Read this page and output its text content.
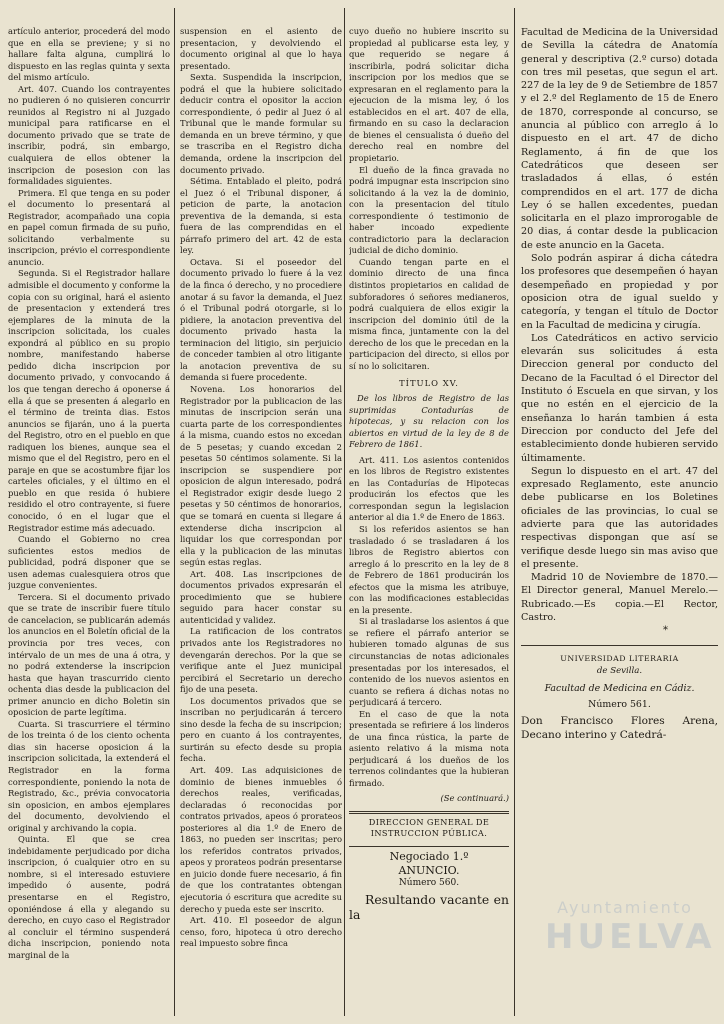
artículo anterior, procederá del modo que en ella se previene; y si no hallare falta alguna, cumplirá lo dispuesto en las reglas quinta y sexta del mismo artículo.

Art. 407. Cuando los contrayentes no pudieren ó no quisieren concurrir reunidos al Registro ni al Juzgado municipal para ratificarse en el documento privado que se trate de inscribir, podrá, sin embargo, cualquiera de ellos obtener la inscripcion de posesion con las formalidades siguientes.

Primera. El que tenga en su poder el documento lo presentará al Registrador, acompañado una copia en papel comun firmada de su puño, solicitando verbalmente su inscripcion, prévio el correspondiente anuncio.

Segunda. Si el Registrador hallare admisible el documento y conforme la copia con su original, hará el asiento de presentacion y extenderá tres ejemplares de la minuta de la inscripcion solicitada, los cuales expondrá al público en su propio nombre, manifestando haberse pedido dicha inscripcion por documento privado, y convocando á los que tengan derecho á oponerse á ella á que se presenten á alegarlo en el término de treinta dias. Estos anuncios se fijarán, uno á la puerta del Registro, otro en el pueblo en que radiquen los bienes, aunque sea el mismo que el del Registro, pero en el paraje en que se acostumbre fijar los carteles oficiales, y el último en el pueblo en que resida ó hubiere residido el otro contrayente, si fuere conocido, ó en el lugar que el Registrador estime más adecuado.

Cuando el Gobierno no crea suficientes estos medios de publicidad, podrá disponer que se usen ademas cualesquiera otros que juzgue convenientes.

Tercera. Si el documento privado que se trate de inscribir fuere título de cancelacion, se publicarán además los anuncios en el Boletín oficial de la provincia por tres veces, con intérvalo de un mes de una á otra, y no podrá extenderse la inscripcion hasta que hayan trascurrido ciento ochenta dias desde la publicacion del primer anuncio en dicho Boletin sin oposicion de parte legítima.

Cuarta. Si trascurriere el término de los treinta ó de los ciento ochenta dias sin hacerse oposicion á la inscripcion solicitada, la extenderá el Registrador en la forma correspondiente, poniendo la nota de Registrado, &c., prévia convocatoria sin oposicion, en ambos ejemplares del documento, devolviendo el original y archivando la copia.

Quinta. El que se crea indebidamente perjudicado por dicha inscripcion, ó cualquier otro en su nombre, si el interesado estuviere impedido ó ausente, podrá presentarse en el Registro, oponiéndose á ella y alegando su derecho, en cuyo caso el Registrador al concluir el término suspenderá dicha inscripcion, poniendo nota marginal de la

suspension en el asiento de presentacion, y devolviendo el documento original al que lo haya presentado.

Sexta. Suspendida la inscripcion, podrá el que la hubiere solicitado deducir contra el opositor la accion correspondiente, ó pedir al Juez ó al Tribunal que le mande formular su demanda en un breve término, y que se trascriba en el Registro dicha demanda, ordene la inscripcion del documento privado.

Sétima. Entablado el pleito, podrá el Juez ó el Tribunal disponer, á peticion de parte, la anotacion preventiva de la demanda, si esta fuera de las comprendidas en el párrafo primero del art. 42 de esta ley.

Octava. Si el poseedor del documento privado lo fuere á la vez de la finca ó derecho, y no procediere anotar á su favor la demanda, el Juez ó el Tribunal podrá otorgarle, si lo pidiere, la anotacion preventiva del documento privado hasta la terminacion del litigio, sin perjuicio de conceder tambien al otro litigante la anotacion preventiva de su demanda si fuere procedente.

Novena. Los honorarios del Registrador por la publicacion de las minutas de inscripcion serán una cuarta parte de los correspondientes á la misma, cuando estos no excedan de 5 pesetas; y cuando excedan 2 pesetas 50 céntimos solamente. Si la inscripcion se suspendiere por oposicion de algun interesado, podrá el Registrador exigir desde luego 2 pesetas y 50 céntimos de honorarios, que se tomará en cuenta si llegare á extenderse dicha inscripcion al liquidar los que correspondan por ella y la publicacion de las minutas según estas reglas.

Art. 408. Las inscripciones de documentos privados expresarán el procedimiento que se hubiere seguido para hacer constar su autenticidad y validez.

La ratificacion de los contratos privados ante los Registradores no devengarán derechos. Por la que se verifique ante el Juez municipal percibirá el Secretario un derecho fijo de una peseta.

Los documentos privados que se inscriban no perjudicarán á tercero sino desde la fecha de su inscripcion; pero en cuanto á los contrayentes, surtirán su efecto desde su propia fecha.

Art. 409. Las adquisiciones de dominio de bienes inmuebles ó derechos reales, verificadas, declaradas ó reconocidas por contratos privados, apeos ó prorateos posteriores al dia 1.º de Enero de 1863, no pueden ser inscritas; pero los referidos contratos privados, apeos y prorateos podrán presentarse en juicio donde fuere necesario, á fin de que los contratantes obtengan ejecutoria ó escritura que acredite su derecho y pueda este ser inscrito.

Art. 410. El poseedor de algun censo, foro, hipoteca ú otro derecho real impuesto sobre finca

cuyo dueño no hubiere inscrito su propiedad al publicarse esta ley, y que requerido se negare á inscribirla, podrá solicitar dicha inscripcion por los medios que se expresaran en el reglamento para la ejecucion de la misma ley, ó los establecidos en el art. 407 de ella, firmando en su caso la declaracion de bienes el censualista ó dueño del derecho real en nombre del propietario.

El dueño de la finca gravada no podrá impugnar esta inscripcion sino solicitando á la vez la de dominio, con la presentacion del título correspondiente ó testimonio de haber incoado expediente contradictorio para la declaracion judicial de dicho dominio.

Cuando tengan parte en el dominio directo de una finca distintos propietarios en calidad de subforadores ó señores medianeros, podrá cualquiera de ellos exigir la inscripcion del dominio útil de la misma finca, juntamente con la del derecho de los que le precedan en la participacion del directo, si ellos por sí no lo solicitaren.

TÍTULO XV.

De los libros de Registro de las suprimidas Contadurías de hipotecas, y su relacion con los abiertos en virtud de la ley de 8 de Febrero de 1861.

Art. 411. Los asientos contenidos en los libros de Registro existentes en las Contadurías de Hipotecas producirán los efectos que les correspondan segun la legislacion anterior al dia 1.º de Enero de 1863.

Si los referidos asientos se han trasladado ó se trasladaren á los libros de Registro abiertos con arreglo á lo prescrito en la ley de 8 de Febrero de 1861 producirán los efectos que la misma les atribuye, con las modificaciones establecidas en la presente.

Si al trasladarse los asientos á que se refiere el párrafo anterior se hubieren tomado algunas de sus circunstancias de notas adicionales presentadas por los interesados, el contenido de los nuevos asientos en cuanto se refiera á dichas notas no perjudicará á tercero.

En el caso de que la nota presentada se refiriere á los linderos de una finca rústica, la parte de asiento relativo á la misma nota perjudicará á los dueños de los terrenos colindantes que la hubieran firmado.

(Se continuará.)
DIRECCION GENERAL DE INSTRUCCION PÚBLICA.
Negociado 1.º
ANUNCIO.
Número 560.

Resultando vacante en la

Facultad de Medicina de la Universidad de Sevilla la cátedra de Anatomía general y descriptiva (2.º curso) dotada con tres mil pesetas, que segun el art. 227 de la ley de 9 de Setiembre de 1857 y el 2.º del Reglamento de 15 de Enero de 1870, corresponde al concurso, se anuncia al público con arreglo á lo dispuesto en el art. 47 de dicho Reglamento, á fin de que los Catedráticos que deseen ser trasladados á ellas, ó estén comprendidos en el art. 177 de dicha Ley ó se hallen excedentes, puedan solicitarla en el plazo improrogable de 20 dias, á contar desde la publicacion de este anuncio en la Gaceta.

Solo podrán aspirar á dicha cátedra los profesores que desempeñen ó hayan desempeñado en propiedad y por oposicion otra de igual sueldo y categoría, y tengan el título de Doctor en la Facultad de medicina y cirugía.

Los Catedráticos en activo servicio elevarán sus solicitudes á esta Direccion general por conducto del Decano de la Facultad ó el Director del Instituto ó Escuela en que sirvan, y los que no estén en el ejercicio de la enseñanza lo harán tambien á esta Direccion por conducto del Jefe del establecimiento donde hubieren servido últimamente.

Segun lo dispuesto en el art. 47 del expresado Reglamento, este anuncio debe publicarse en los Boletines oficiales de las provincias, lo cual se advierte para que las autoridades respectivas dispongan que así se verifique desde luego sin mas aviso que el presente.

Madrid 10 de Noviembre de 1870.—El Director general, Manuel Merelo.—Rubricado.—Es copia.—El Rector, Castro.

*
UNIVERSIDAD LITERARIA
de Sevilla.
Facultad de Medicina en Cádiz.
Número 561.

Don Francisco Flores Arena, Decano interino y Catedrá-

Ayuntamiento
HUELVA
